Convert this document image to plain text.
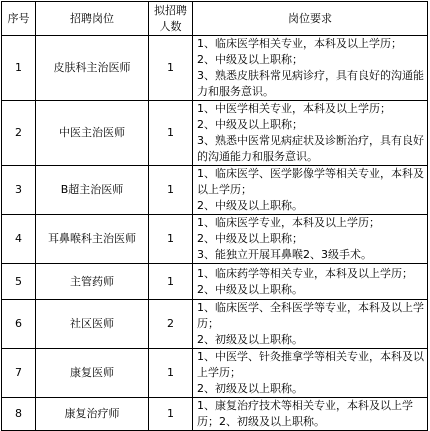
序号	招聘岗位	拟招聘人数	岗位要求
1	皮肤科主治医师	1	1、临床医学相关专业，本科及以上学历；
2、中级及以上职称；
3、熟悉皮肤科常见病诊疗，具有良好的沟通能力和服务意识。

2	中医主治医师	1	1、中医学相关专业，本科及以上学历；
2、中级及以上职称；
3、熟悉中医常见病症状及诊断治疗，具有良好的沟通能力和服务意识。

3	B超主治医师	1	1、临床医学、医学影像学等相关专业，本科及以上学历；
2、中级及以上职称。

4	耳鼻喉科主治医师	1	1、临床医学专业，本科及以上学历；
2、中级及以上职称；
3、能独立开展耳鼻喉2、3级手术。

5	主管药师	1	1、临床药学等相关专业，本科及以上学历；
2、中级及以上职称。

6	社区医师	2	1、临床医学、全科医学等专业，本科及以上学历；
2、初级及以上职称。

7	康复医师	1	1、中医学、针灸推拿学等相关专业，本科及以上学历；
2、初级及以上职称。

8	康复治疗师	1	1、康复治疗技术等相关专业，本科及以上学历；2、初级及以上职称。
